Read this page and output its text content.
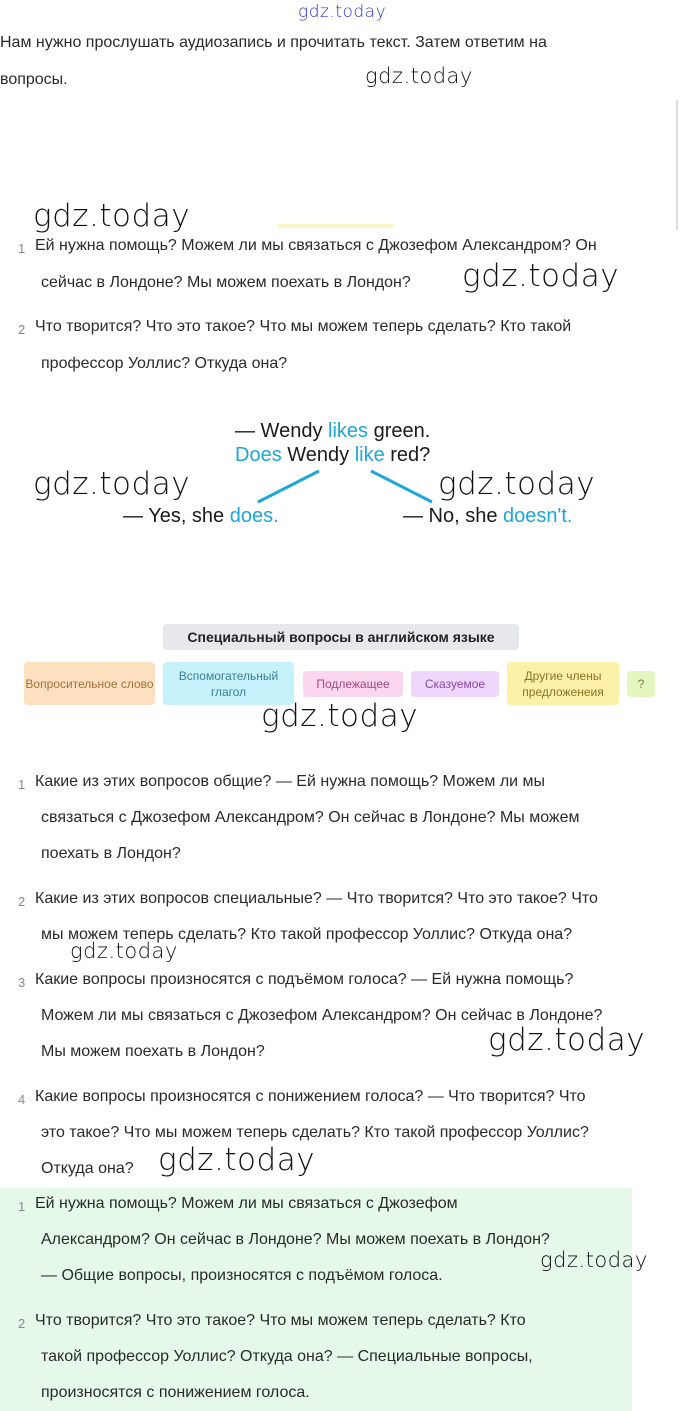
gdz.today
Нам нужно прослушать аудиозапись и прочитать текст. Затем ответим на
вопросы.	gdz.today
gdz.today
1 Ей нужна помощь? Можем ли мы связаться с Джозефом Александром? Он
сейчас в Лондоне? Мы можем поехать в Лондон? gdz.today
2 Что творится? Что это такое? Что мы можем теперь сделать? Кто такой
профессор Уоллис? Откуда она?
— Wendy likes green.
Does Wendy like red?
— Yes, she does.	— No, she doesn't.
gdz.today	gdz.today
Специальный вопросы в английском языке
Вопросительное слово
Вспомогательный глагол
Подлежащее	Сказуемое
Другие члены предложенеия
?
gdz.today
1 Какие из этих вопросов общие? — Ей нужна помощь? Можем ли мы
связаться с Джозефом Александром? Он сейчас в Лондоне? Мы можем
поехать в Лондон?
2 Какие из этих вопросов специальные? — Что творится? Что это такое? Что
мы можем теперь сделать? Кто такой профессор Уоллис? Откуда она?
3 Какие вопросы произносятся с подъёмом голоса? — Ей нужна помощь?
Можем ли мы связаться с Джозефом Александром? Он сейчас в Лондоне?
Мы можем поехать в Лондон?
4 Какие вопросы произносятся с понижением голоса? — Что творится? Что
это такое? Что мы можем теперь сделать? Кто такой профессор Уоллис?
Откуда она?
gdz.today
gdz.today
gdz.today
1 Ей нужна помощь? Можем ли мы связаться с Джозефом
Александром? Он сейчас в Лондоне? Мы можем поехать в Лондон?
— Общие вопросы, произносятся с подъёмом голоса.
2 Что творится? Что это такое? Что мы можем теперь сделать? Кто
такой профессор Уоллис? Откуда она? — Специальные вопросы,
произносятся с понижением голоса.
gdz.today
